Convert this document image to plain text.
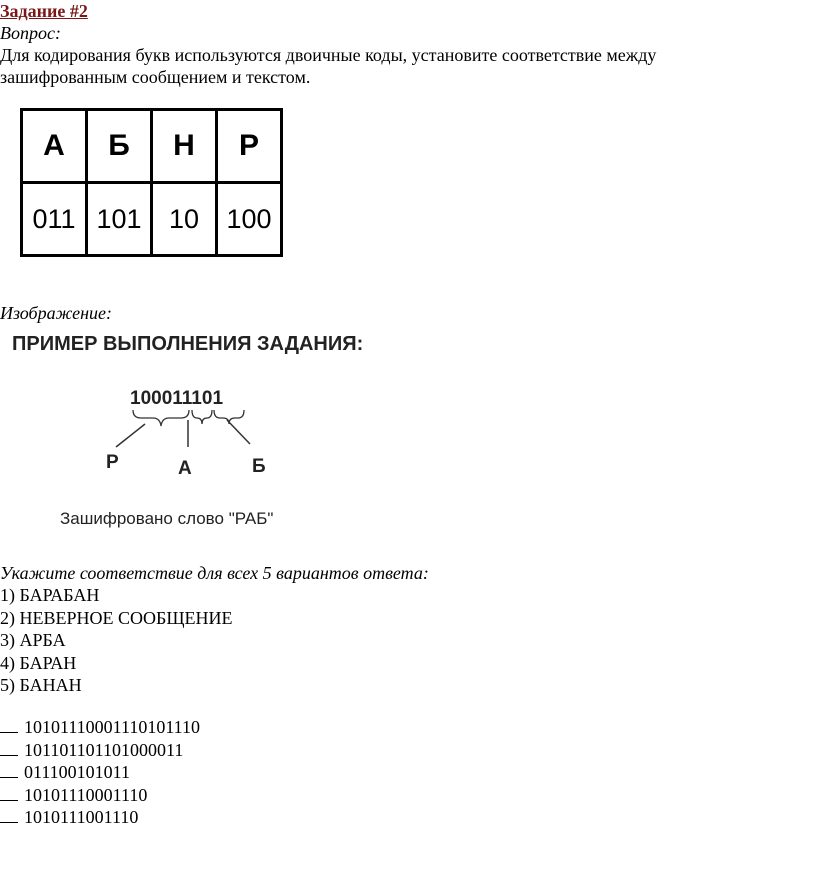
Задание #2
Вопрос:
Для кодирования букв используются двоичные коды, установите соответствие между зашифрованным сообщением и текстом.
А	Б	Н	Р
011	101	10	100
Изображение:
ПРИМЕР ВЫПОЛНЕНИЯ ЗАДАНИЯ:
100011101
Р	А	Б
Зашифровано слово "РАБ"
Укажите соответствие для всех 5 вариантов ответа:
1) БАРАБАН
2) НЕВЕРНОЕ СООБЩЕНИЕ
3) АРБА
4) БАРАН
5) БАНАН
10101110001110101110
101101101101000011
011100101011
10101110001110
1010111001110
